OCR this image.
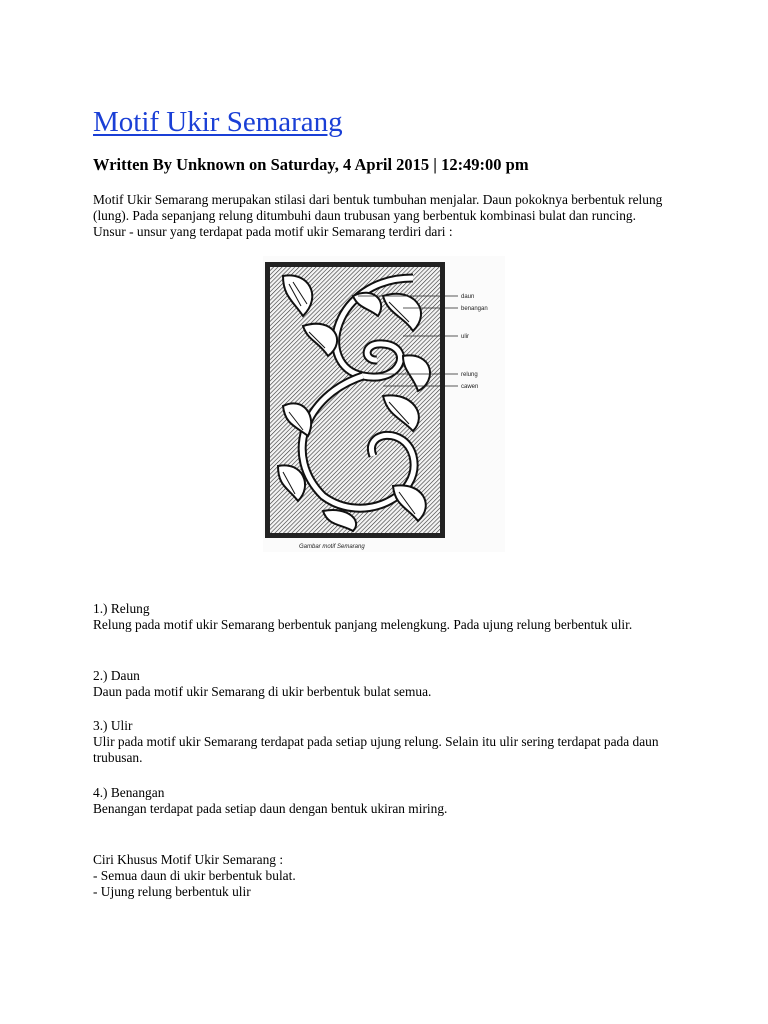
Motif Ukir Semarang
Written By Unknown on Saturday, 4 April 2015 | 12:49:00 pm
Motif Ukir Semarang merupakan stilasi dari bentuk tumbuhan menjalar. Daun pokoknya berbentuk relung (lung). Pada sepanjang relung ditumbuhi daun trubusan yang berbentuk kombinasi bulat dan runcing. Unsur - unsur yang terdapat pada motif ukir Semarang terdiri dari :
daun
benangan
ulir
relung
cawen
Gambar motif Semarang

1.) Relung

Relung pada motif ukir Semarang berbentuk panjang melengkung. Pada ujung relung berbentuk ulir.

2.) Daun

Daun pada motif ukir Semarang di ukir berbentuk bulat semua.

3.) Ulir

Ulir pada motif ukir Semarang terdapat pada setiap ujung relung. Selain itu ulir sering terdapat pada daun trubusan.

4.) Benangan

Benangan terdapat pada setiap daun dengan bentuk ukiran miring.

Ciri Khusus Motif Ukir Semarang :

- Semua daun di ukir berbentuk bulat.

- Ujung relung berbentuk ulir
